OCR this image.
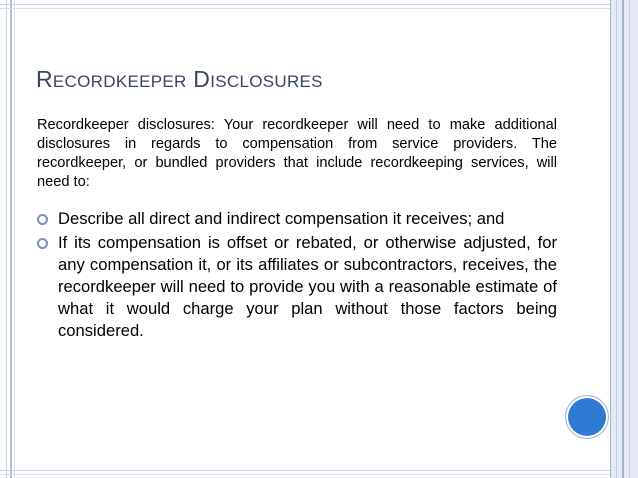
RECORDKEEPER DISCLOSURES
Recordkeeper disclosures: Your recordkeeper will need to make additional disclosures in regards to compensation from service providers. The recordkeeper, or bundled providers that include recordkeeping services, will need to:
Describe all direct and indirect compensation it receives; and
If its compensation is offset or rebated, or otherwise adjusted, for any compensation it, or its affiliates or subcontractors, receives, the recordkeeper will need to provide you with a reasonable estimate of what it would charge your plan without those factors being considered.
